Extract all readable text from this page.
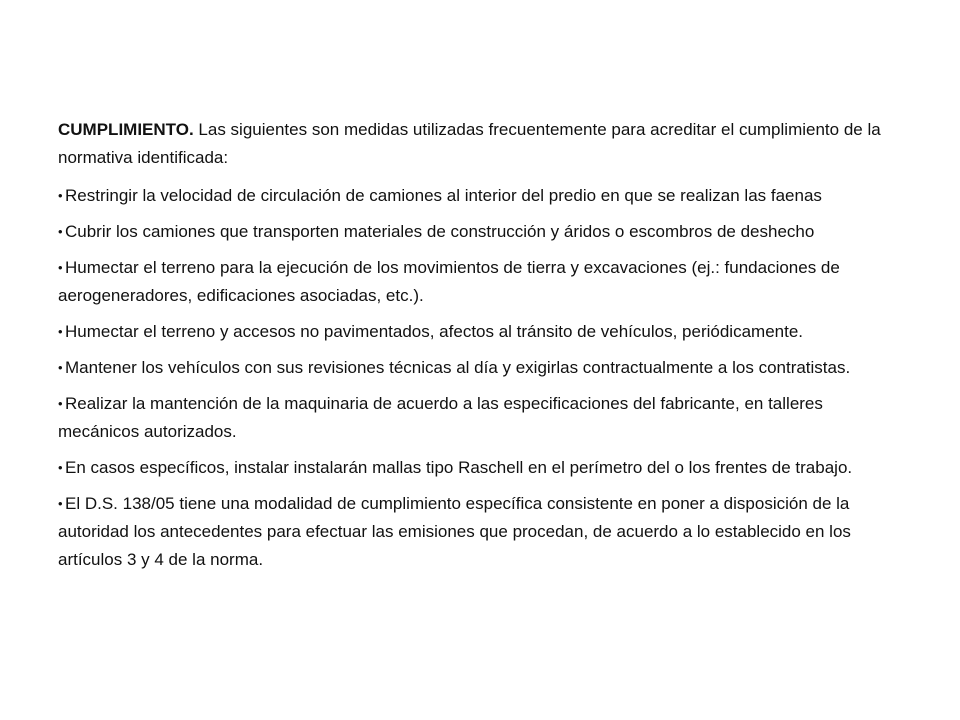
CUMPLIMIENTO. Las siguientes son medidas utilizadas frecuentemente para acreditar el cumplimiento de la normativa identificada:

• Restringir la velocidad de circulación de camiones al interior del predio en que se realizan las faenas
• Cubrir los camiones que transporten materiales de construcción y áridos o escombros de deshecho
• Humectar el terreno para la ejecución de los movimientos de tierra y excavaciones (ej.: fundaciones de aerogeneradores, edificaciones asociadas, etc.).
• Humectar el terreno y accesos no pavimentados, afectos al tránsito de vehículos, periódicamente.
• Mantener los vehículos con sus revisiones técnicas al día y exigirlas contractualmente a los contratistas.
• Realizar la mantención de la maquinaria de acuerdo a las especificaciones del fabricante, en talleres mecánicos autorizados.
• En casos específicos, instalar instalarán mallas tipo Raschell en el perímetro del o los frentes de trabajo.
• El D.S. 138/05 tiene una modalidad de cumplimiento específica consistente en poner a disposición de la autoridad los antecedentes para efectuar las emisiones que procedan, de acuerdo a lo establecido en los artículos 3 y 4 de la norma.
